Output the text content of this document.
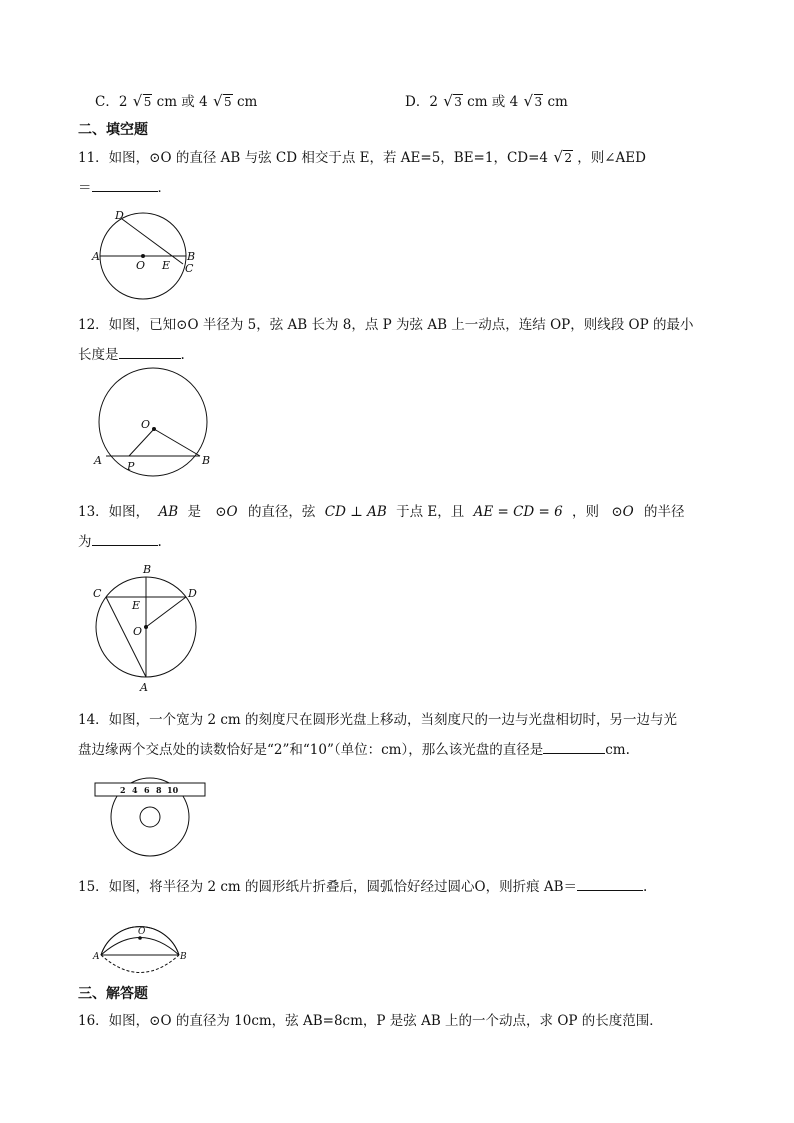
C．2 √ 5 cm 或 4 √ 5 cm	D．2 √ 3 cm 或 4 √ 3 cm
二、填空题
11．如图，⊙O 的直径 AB 与弦 CD 相交于点 E，若 AE=5，BE=1，CD=4 √ 2 ，则∠AED
＝	．
D
A
O E
B
C
12．如图，已知⊙O 半径为 5，弦 AB 长为 8，点 P 为弦 AB 上一动点，连结 OP，则线段 OP 的最小
长度是	.
O
A P	B
13．如图， AB 是 ⊙O 的直径，弦 CD ⊥ AB 于点 E，且 AE = CD = 6 ，则 ⊙O 的半径
为	.
B
C	D
E
O
A
14．如图，一个宽为 2 cm 的刻度尺在圆形光盘上移动，当刻度尺的一边与光盘相切时，另一边与光
盘边缘两个交点处的读数恰好是“2”和“10”（单位：cm），那么该光盘的直径是	cm.
2 4 6 8 10
15．如图，将半径为 2 cm 的圆形纸片折叠后，圆弧恰好经过圆心O，则折痕 AB＝	.
O
A	B
三、解答题
16．如图，⊙O 的直径为 10cm，弦 AB=8cm，P 是弦 AB 上的一个动点，求 OP 的长度范围．
